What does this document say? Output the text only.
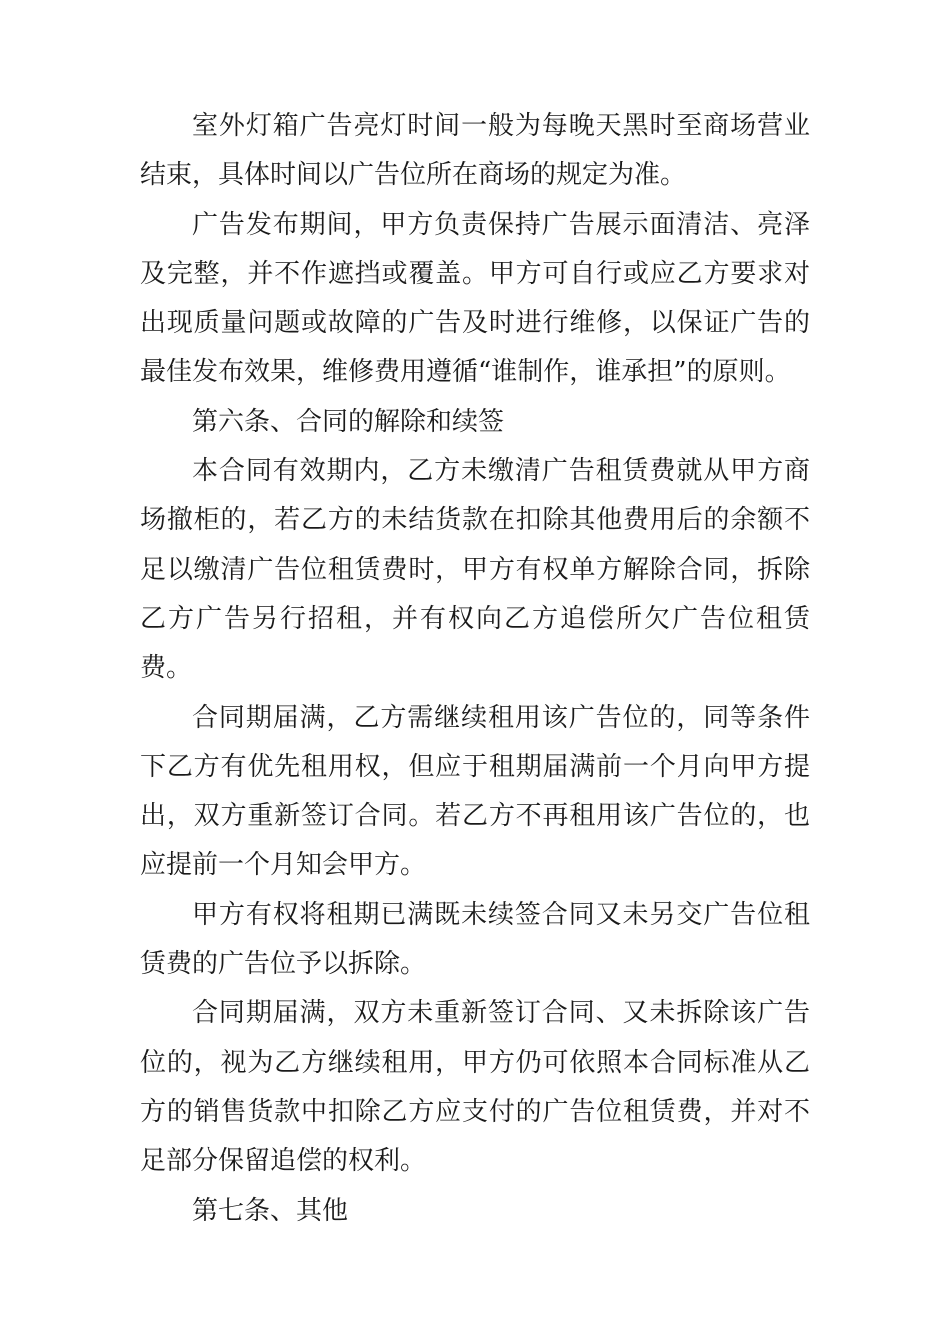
室外灯箱广告亮灯时间一般为每晚天黑时至商场营业结束，具体时间以广告位所在商场的规定为准。

广告发布期间，甲方负责保持广告展示面清洁、亮泽及完整，并不作遮挡或覆盖。甲方可自行或应乙方要求对出现质量问题或故障的广告及时进行维修，以保证广告的最佳发布效果，维修费用遵循“谁制作，谁承担”的原则。

第六条、合同的解除和续签

本合同有效期内，乙方未缴清广告租赁费就从甲方商场撤柜的，若乙方的未结货款在扣除其他费用后的余额不足以缴清广告位租赁费时，甲方有权单方解除合同，拆除乙方广告另行招租，并有权向乙方追偿所欠广告位租赁费。

合同期届满，乙方需继续租用该广告位的，同等条件下乙方有优先租用权，但应于租期届满前一个月向甲方提出，双方重新签订合同。若乙方不再租用该广告位的，也应提前一个月知会甲方。

甲方有权将租期已满既未续签合同又未另交广告位租赁费的广告位予以拆除。

合同期届满，双方未重新签订合同、又未拆除该广告位的，视为乙方继续租用，甲方仍可依照本合同标准从乙方的销售货款中扣除乙方应支付的广告位租赁费，并对不足部分保留追偿的权利。

第七条、其他
